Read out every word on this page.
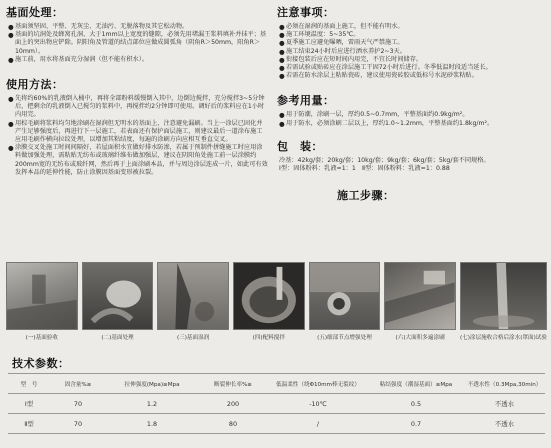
基面处理：
● 基面须坚固、平整、无灰尘、无油污、无脱落物及其它松动物。
● 基面的坑洞处及蜂窝孔洞、大于1mm以上宽度的缝隙，必须先用堵漏王浆料填补并抹平；基面上的突出物应铲除。阴阳角及管道的结点部位应做成圆弧角（阴角R＞50mm，阳角R＞10mm）。
● 施工前，用水将基面充分湿润（但不能有积水）。
使用方法：
● 先将约60%的乳液倒入桶中，再将全部粉料缓慢倒入其中，边倒边搅拌，充分搅拌3~5分钟后，把剩余的乳液倒入已搅匀的浆料中，再搅拌约2分钟即可使用。调好后的浆料应在1小时内用完。
● 用棕毛刷将浆料均匀地涂刷在湿润但无明水的基面上，注意避免漏刷。当上一涂层已固化并产生足够强度后，再进行下一层施工，若表面还有保护面层施工，则建议最后一道涂布施工应用毛刷作横向拉纹处理，以增加其粘结度，每遍的涂刷方向应相互垂直交叉。
● 涂膜交叉处施工时间间隔好，若屋面积水宜做好排水防渗，若属于预制件拼缝施工时应用涂料做加强处理，需粘贴无纺布或玻璃纤维布做加强层，建议在阴阳角处施工前一层涂膜约200mm宽的无纺布或玻纤网，然后再于上面涂刷本品，并与周边涂层连成一片，如此可有效发挥本品的延伸性能，防止涂膜因基面变形被拉裂。
注意事项：
● 必须在湿润的基面上施工，但不能有明水。
● 施工环境温度：5~35℃。
● 夏季施工应避免曝晒，雷雨天气严禁施工。
● 施工结束24小时后应进行洒水养护2~3天。
● 衔接包装后应在短时间内用完，不宜长时间储存。
● 若需试验或贴砖应在涂层施工干固72小时后进行。冬季低温时段适当延长。
● 若需在防水涂层上粘贴瓷砖，建议使用瓷砖胶或低标号水泥砂浆粘贴。
参考用量：
● 用于防潮，涂刷一层，厚约0.5~0.7mm，平整基面约0.9kg/m²。
● 用于防水，必须涂刷二层以上，厚约1.0~1.2mm，平整基面约1.8kg/m²。
包　装：
冷基：42kg/套；20kg/套；10kg/套；9kg/套；6kg/套；5kg/套不同规格。
Ⅰ型：固体粉料：乳液=1：1　Ⅱ型：固体粉料：乳液=1：0.88
施工步骤：
(一)基面验收	(二)基面处理	(三)基面湿润	(四)配料搅拌	(五)细部节点增强处理	(六)大面积多遍涂刷	(七)涂层施收合格后涂水(罩面)试验
技术参数：
型　号	固含量%≥	拉伸强度(Mpa)≥Mpa	断裂伸长率%≥	低温柔性（绕Φ10mm棒无裂纹）	粘结强度（潮湿基面）≥Mpa	不透水性（0.3Mpa,30min）
Ⅰ型	70	1.2	200	-10℃	0.5	不透水
Ⅱ型	70	1.8	80	/	0.7	不透水
